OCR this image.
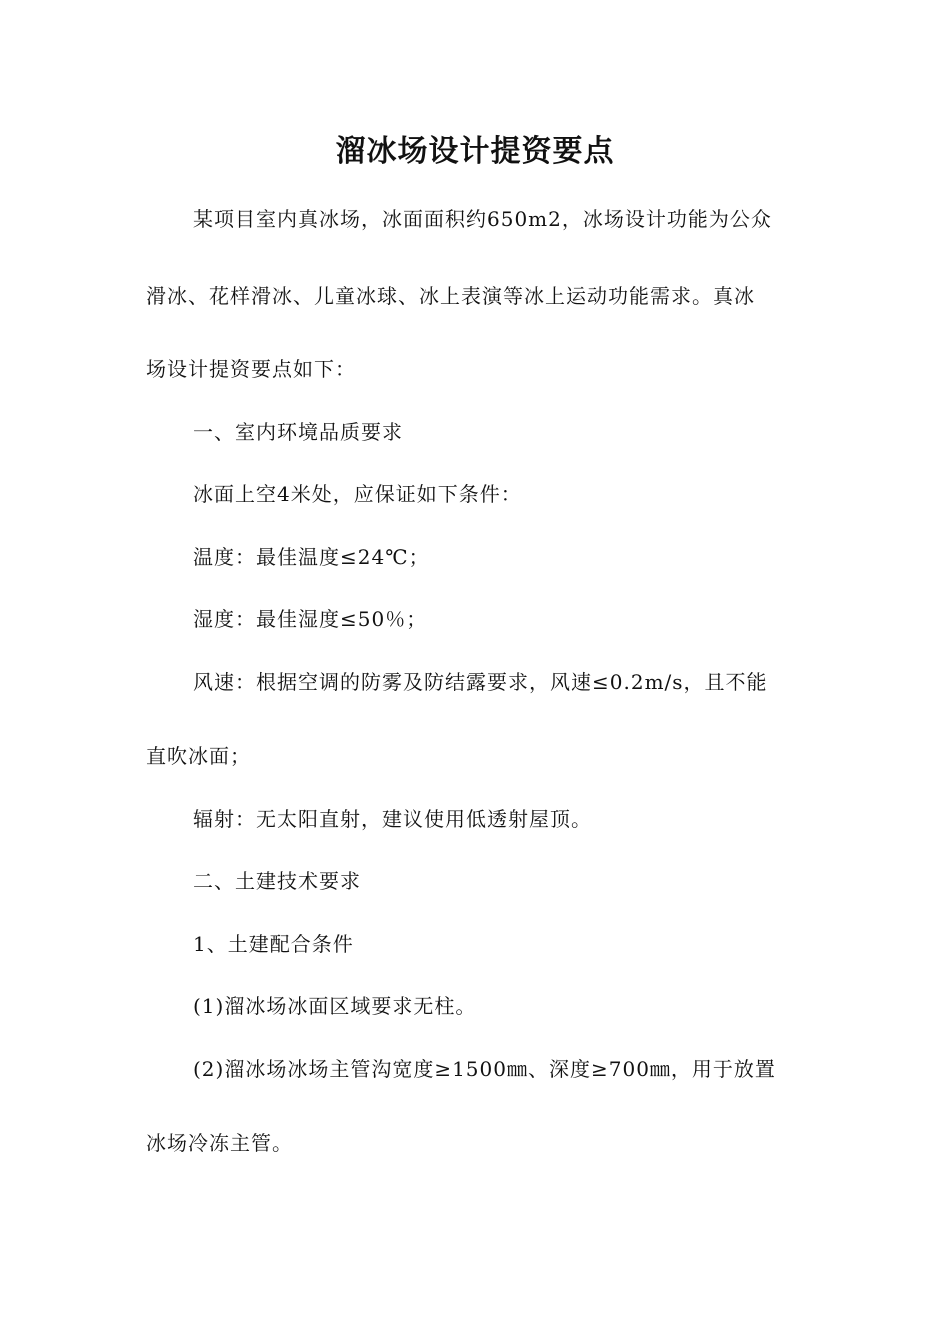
溜冰场设计提资要点
某项目室内真冰场，冰面面积约650m2，冰场设计功能为公众
滑冰、花样滑冰、儿童冰球、冰上表演等冰上运动功能需求。真冰
场设计提资要点如下：
一、室内环境品质要求
冰面上空4米处，应保证如下条件：
温度：最佳温度≤24℃；
湿度：最佳湿度≤50％；
风速：根据空调的防雾及防结露要求，风速≤0.2m/s，且不能
直吹冰面；
辐射：无太阳直射，建议使用低透射屋顶。
二、土建技术要求
1、土建配合条件
(1)溜冰场冰面区域要求无柱。
(2)溜冰场冰场主管沟宽度≥1500㎜、深度≥700㎜，用于放置
冰场冷冻主管。
